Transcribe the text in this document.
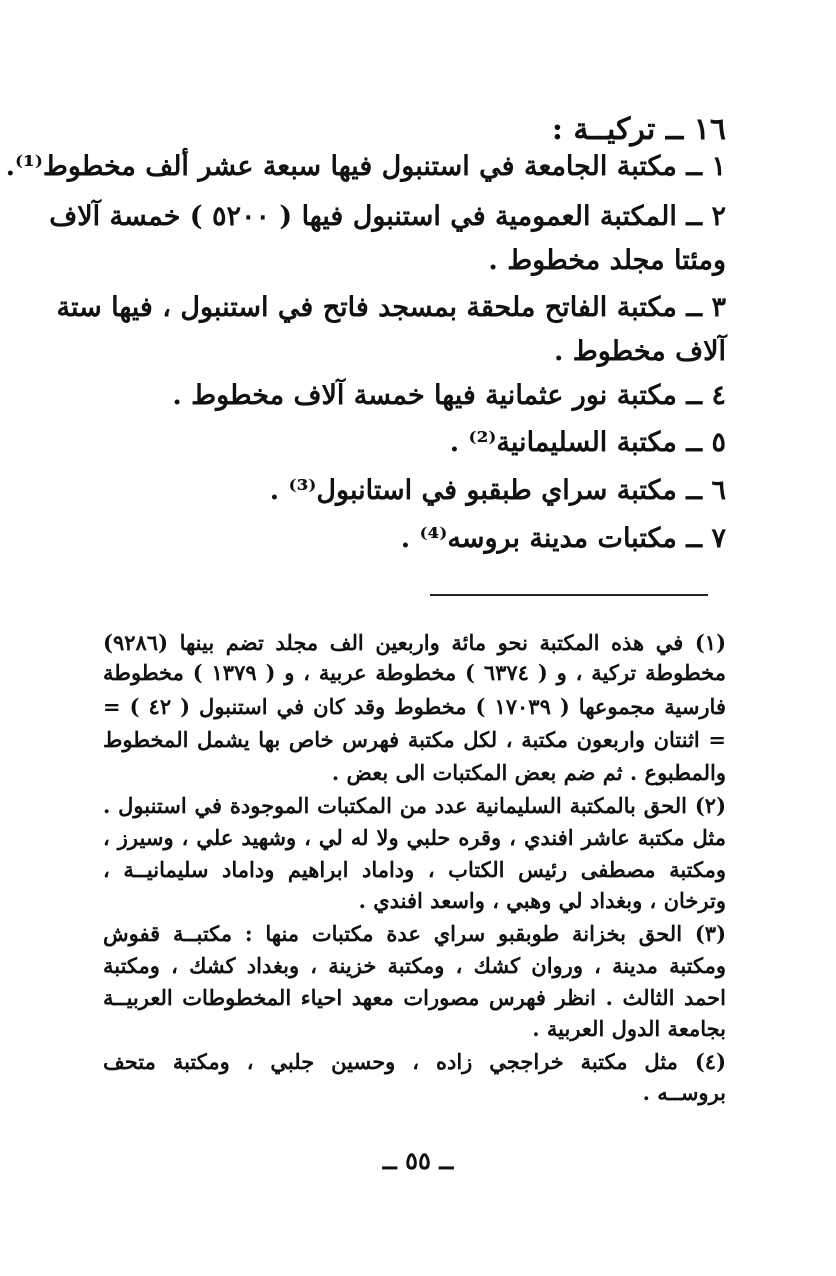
١٦ ــ تركيــة :
١ ــ مكتبة الجامعة في استنبول فيها سبعة عشر ألف مخطوط⁽¹⁾.
٢ ــ المكتبة العمومية في استنبول فيها ( ٥٢٠٠ ) خمسة آلاف
ومئتا مجلد مخطوط .
٣ ــ مكتبة الفاتح ملحقة بمسجد فاتح في استنبول ، فيها ستة
آلاف مخطوط .
٤ ــ مكتبة نور عثمانية فيها خمسة آلاف مخطوط .
٥ ــ مكتبة السليمانية⁽²⁾ .
٦ ــ مكتبة سراي طبقبو في استانبول⁽³⁾ .
٧ ــ مكتبات مدينة بروسه⁽⁴⁾ .
(١) في هذه المكتبة نحو مائة واربعين الف مجلد تضم بينها (٩٢٨٦)
مخطوطة تركية ، و ( ٦٣٧٤ ) مخطوطة عربية ، و ( ١٣٧٩ ) مخطوطة
فارسية مجموعها ( ١٧٠٣٩ ) مخطوط وقد كان في استنبول ( ٤٢ ) =
= اثنتان واربعون مكتبة ، لكل مكتبة فهرس خاص بها يشمل المخطوط
والمطبوع . ثم ضم بعض المكتبات الى بعض .
(٢) الحق بالمكتبة السليمانية عدد من المكتبات الموجودة في استنبول .
مثل مكتبة عاشر افندي ، وقره حلبي ولا له لي ، وشهيد علي ، وسيرز ،
ومكتبة مصطفى رئيس الكتاب ، وداماد ابراهيم وداماد سليمانيــة ،
وترخان ، وبغداد لي وهبي ، واسعد افندي .
(٣) الحق بخزانة طوبقبو سراي عدة مكتبات منها : مكتبــة قفوش
ومكتبة مدينة ، وروان كشك ، ومكتبة خزينة ، وبغداد كشك ، ومكتبة
احمد الثالث . انظر فهرس مصورات معهد احياء المخطوطات العربيــة
بجامعة الدول العربية .
(٤) مثل مكتبة خراججي زاده ، وحسين جلبي ، ومكتبة متحف
بروســه .
ــ ٥٥ ــ
